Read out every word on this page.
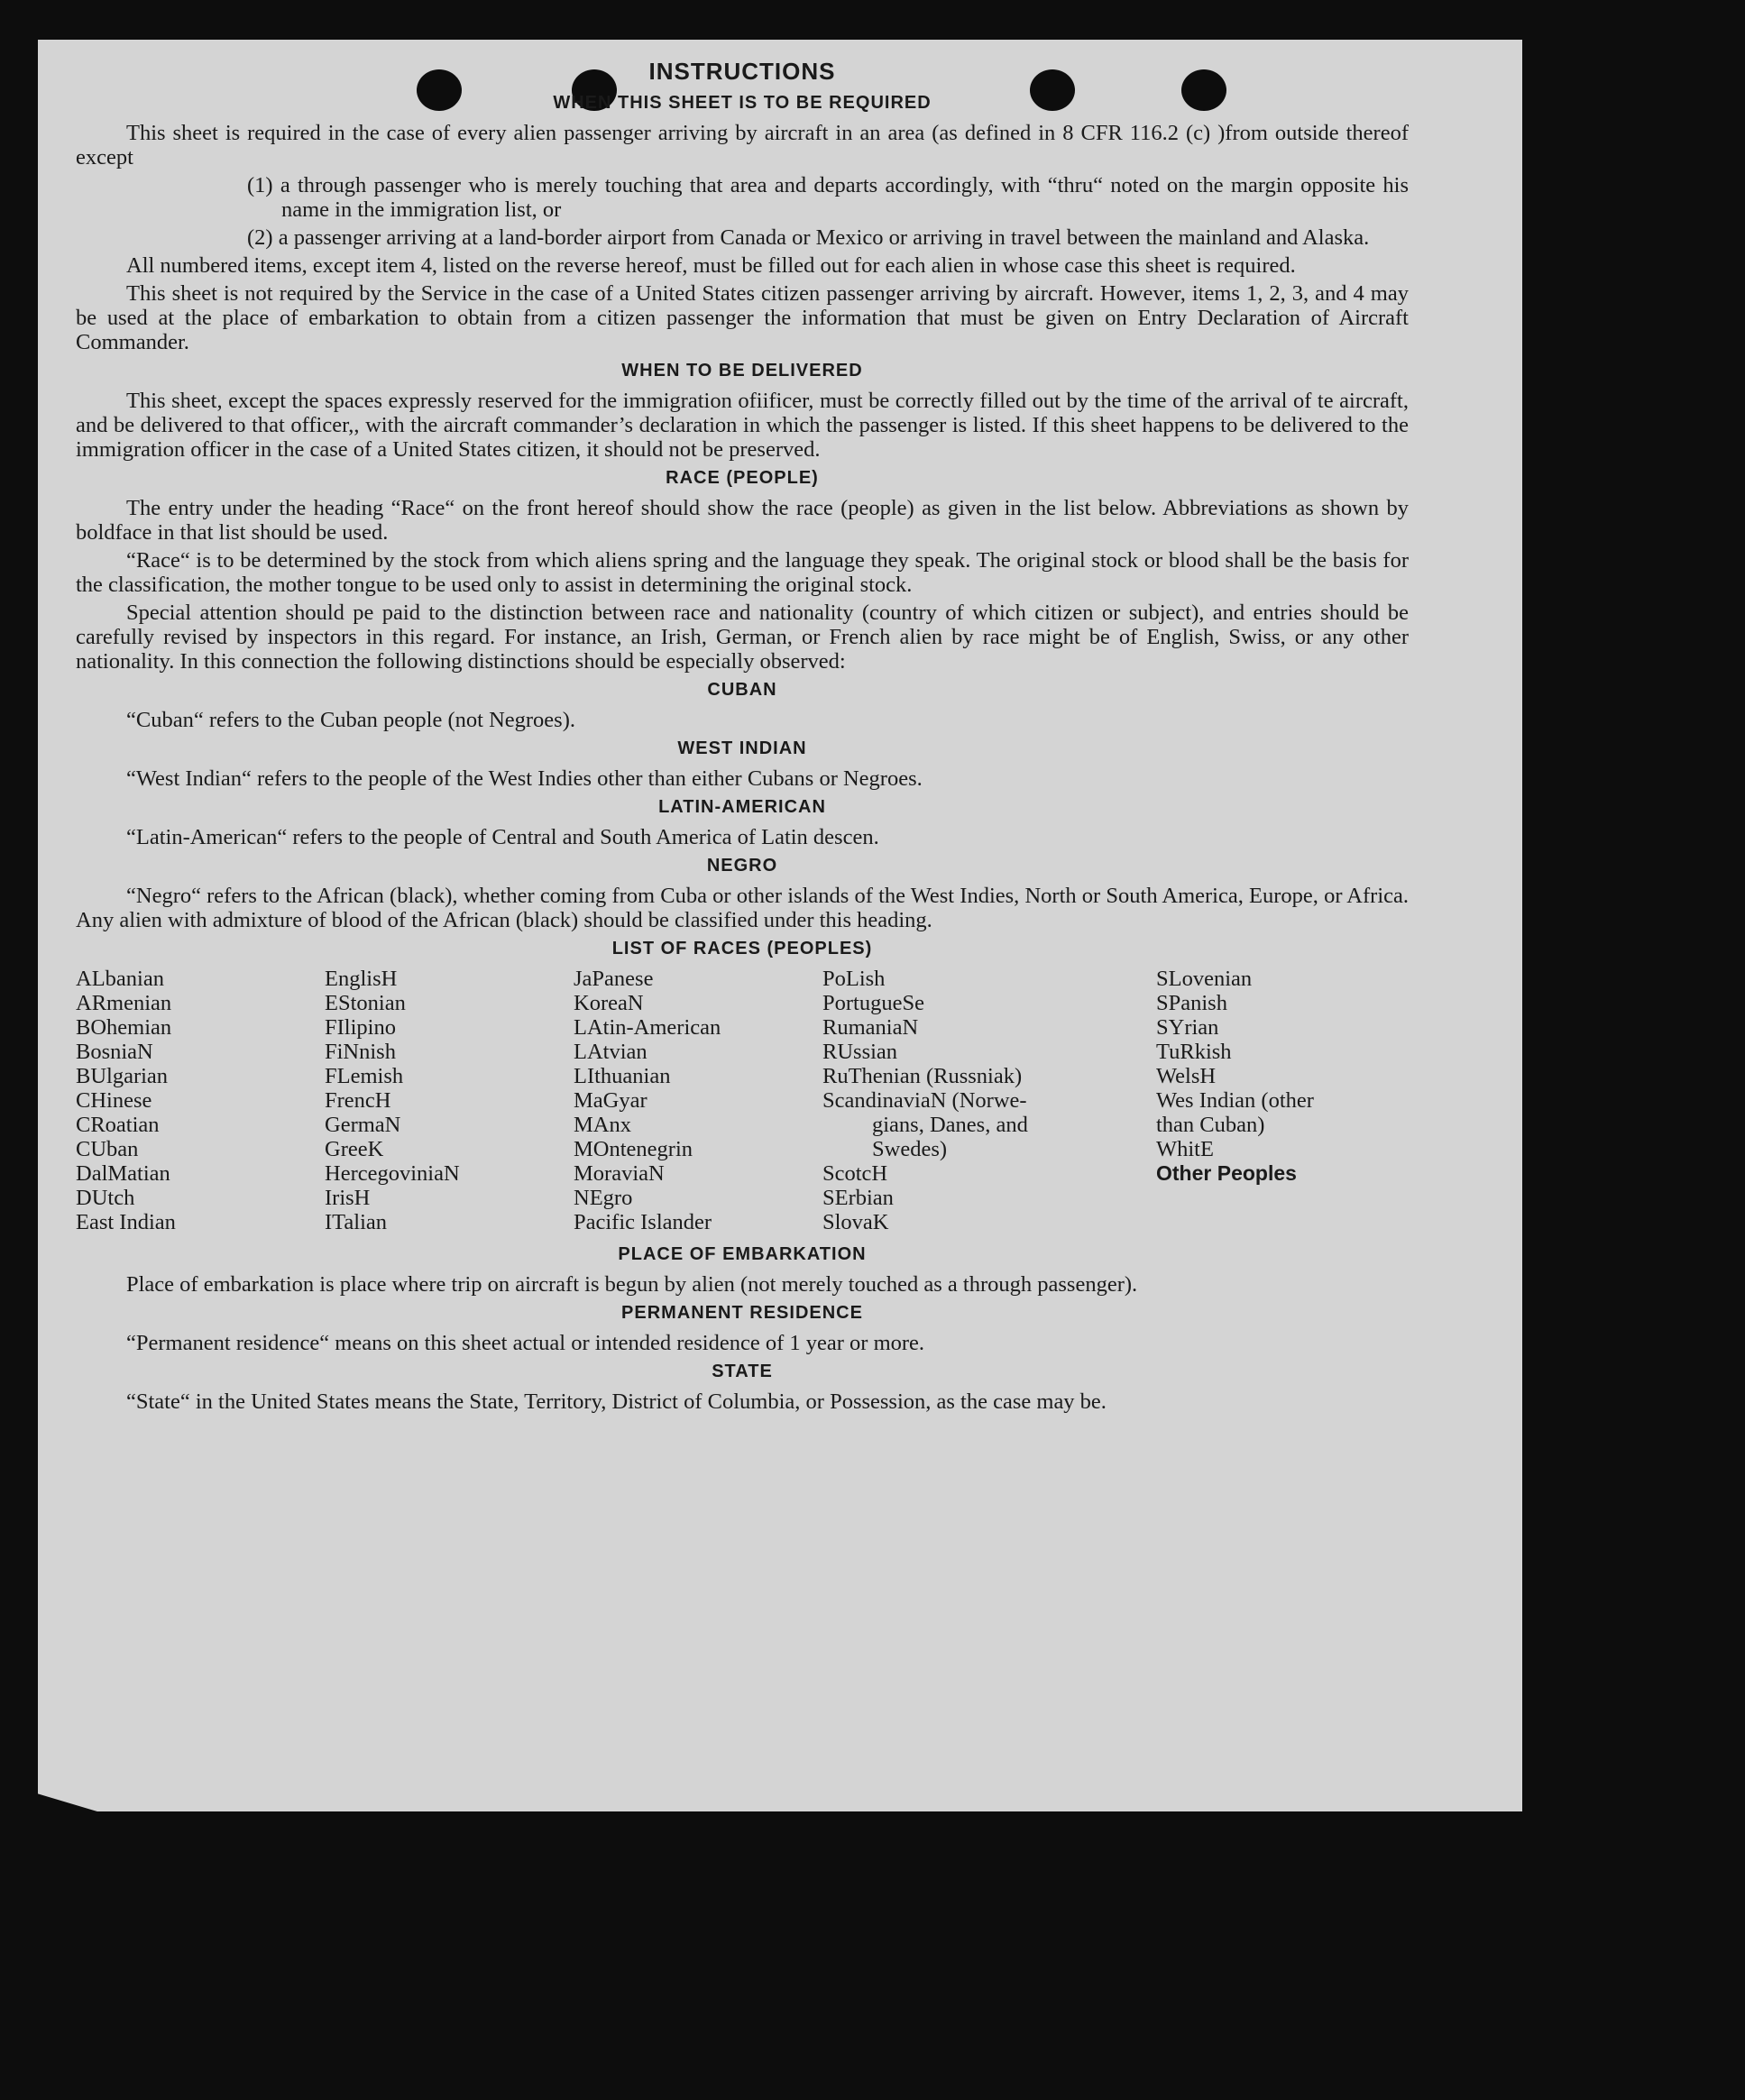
INSTRUCTIONS
WHEN THIS SHEET IS TO BE REQUIRED

This sheet is required in the case of every alien passenger arriving by aircraft in an area (as defined in 8 CFR 116.2 (c) )from outside thereof except

(1) a through passenger who is merely touching that area and departs accordingly, with “thru“ noted on the margin opposite his name in the immigration list, or

(2) a passenger arriving at a land-border airport from Canada or Mexico or arriving in travel between the mainland and Alaska.

All numbered items, except item 4, listed on the reverse hereof, must be filled out for each alien in whose case this sheet is required.

This sheet is not required by the Service in the case of a United States citizen passenger arriving by aircraft. However, items 1, 2, 3, and 4 may be used at the place of embarkation to obtain from a citizen passenger the information that must be given on Entry Declaration of Aircraft Commander.

WHEN TO BE DELIVERED

This sheet, except the spaces expressly reserved for the immigration ofiificer, must be correctly filled out by the time of the arrival of te aircraft, and be delivered to that officer,, with the aircraft commander’s declaration in which the passenger is listed. If this sheet happens to be delivered to the immigration officer in the case of a United States citizen, it should not be preserved.

RACE (PEOPLE)

The entry under the heading “Race“ on the front hereof should show the race (people) as given in the list below. Abbreviations as shown by boldface in that list should be used.

“Race“ is to be determined by the stock from which aliens spring and the language they speak. The original stock or blood shall be the basis for the classification, the mother tongue to be used only to assist in determining the original stock.

Special attention should pe paid to the distinction between race and nationality (country of which citizen or subject), and entries should be carefully revised by inspectors in this regard. For instance, an Irish, German, or French alien by race might be of English, Swiss, or any other nationality. In this connection the following distinctions should be especially observed:

CUBAN

“Cuban“ refers to the Cuban people (not Negroes).

WEST INDIAN

“West Indian“ refers to the people of the West Indies other than either Cubans or Negroes.

LATIN-AMERICAN

“Latin-American“ refers to the people of Central and South America of Latin descen.

NEGRO

“Negro“ refers to the African (black), whether coming from Cuba or other islands of the West Indies, North or South America, Europe, or Africa. Any alien with admixture of blood of the African (black) should be classified under this heading.

LIST OF RACES (PEOPLES)
ALbanian
ARmenian
BOhemian
BosniaN
BUlgarian
CHinese
CRoatian
CUban
DalMatian
DUtch
East Indian
EnglisH
EStonian
FIlipino
FiNnish
FLemish
FrencH
GermaN
GreeK
HercegoviniaN
IrisH
ITalian
JaPanese
KoreaN
LAtin-American
LAtvian
LIthuanian
MaGyar
MAnx
MOntenegrin
MoraviaN
NEgro
Pacific Islander
PoLish
PortugueSe
RumaniaN
RUssian
RuThenian (Russniak)
ScandinaviaN (Norwe-
gians, Danes, and
Swedes)
ScotcH
SErbian
SlovaK
SLovenian
SPanish
SYrian
TuRkish
WelsH
Wes Indian (other
than Cuban)
WhitE
Other Peoples
PLACE OF EMBARKATION

Place of embarkation is place where trip on aircraft is begun by alien (not merely touched as a through passenger).

PERMANENT RESIDENCE

“Permanent residence“ means on this sheet actual or intended residence of 1 year or more.

STATE

“State“ in the United States means the State, Territory, District of Columbia, or Possession, as the case may be.
